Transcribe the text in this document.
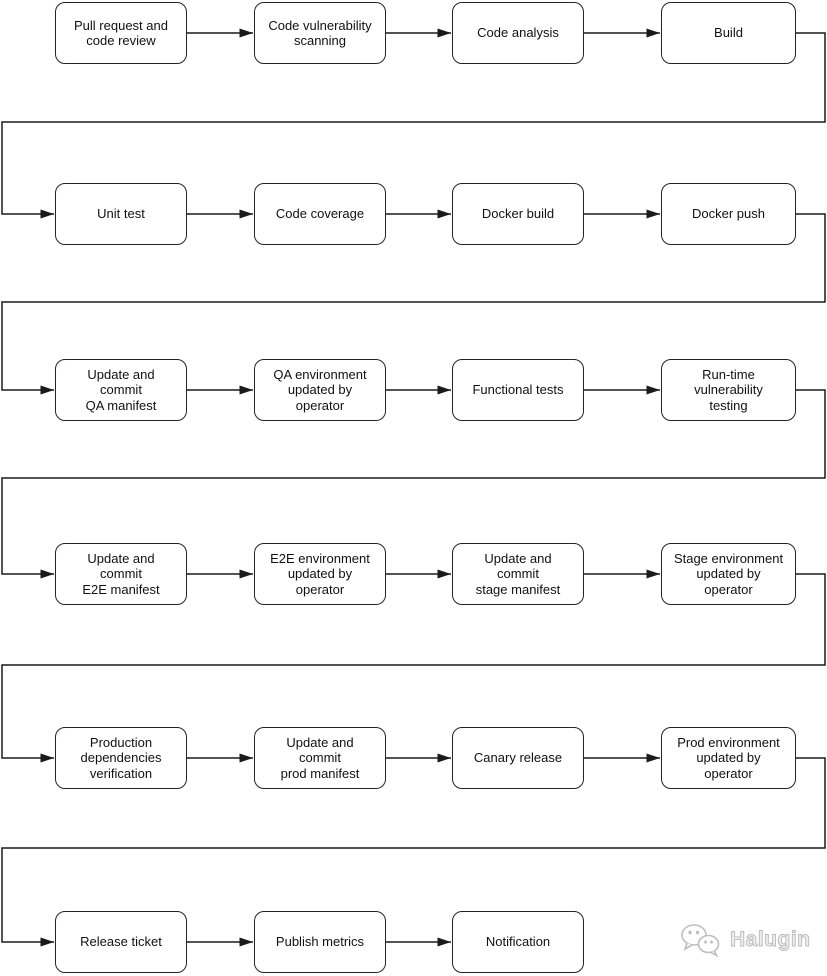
Pull request and
code review
Code vulnerability
scanning
Code analysis	Build
Unit test	Code coverage	Docker build	Docker push
Update and
commit
QA manifest
QA environment
updated by
operator
Functional tests
Run-time
vulnerability
testing
Update and
commit
E2E manifest
E2E environment
updated by
operator
Update and
commit
stage manifest
Stage environment
updated by
operator
Production
dependencies
verification
Update and
commit
prod manifest
Canary release
Prod environment
updated by
operator
Release ticket	Publish metrics	Notification	Halugin
